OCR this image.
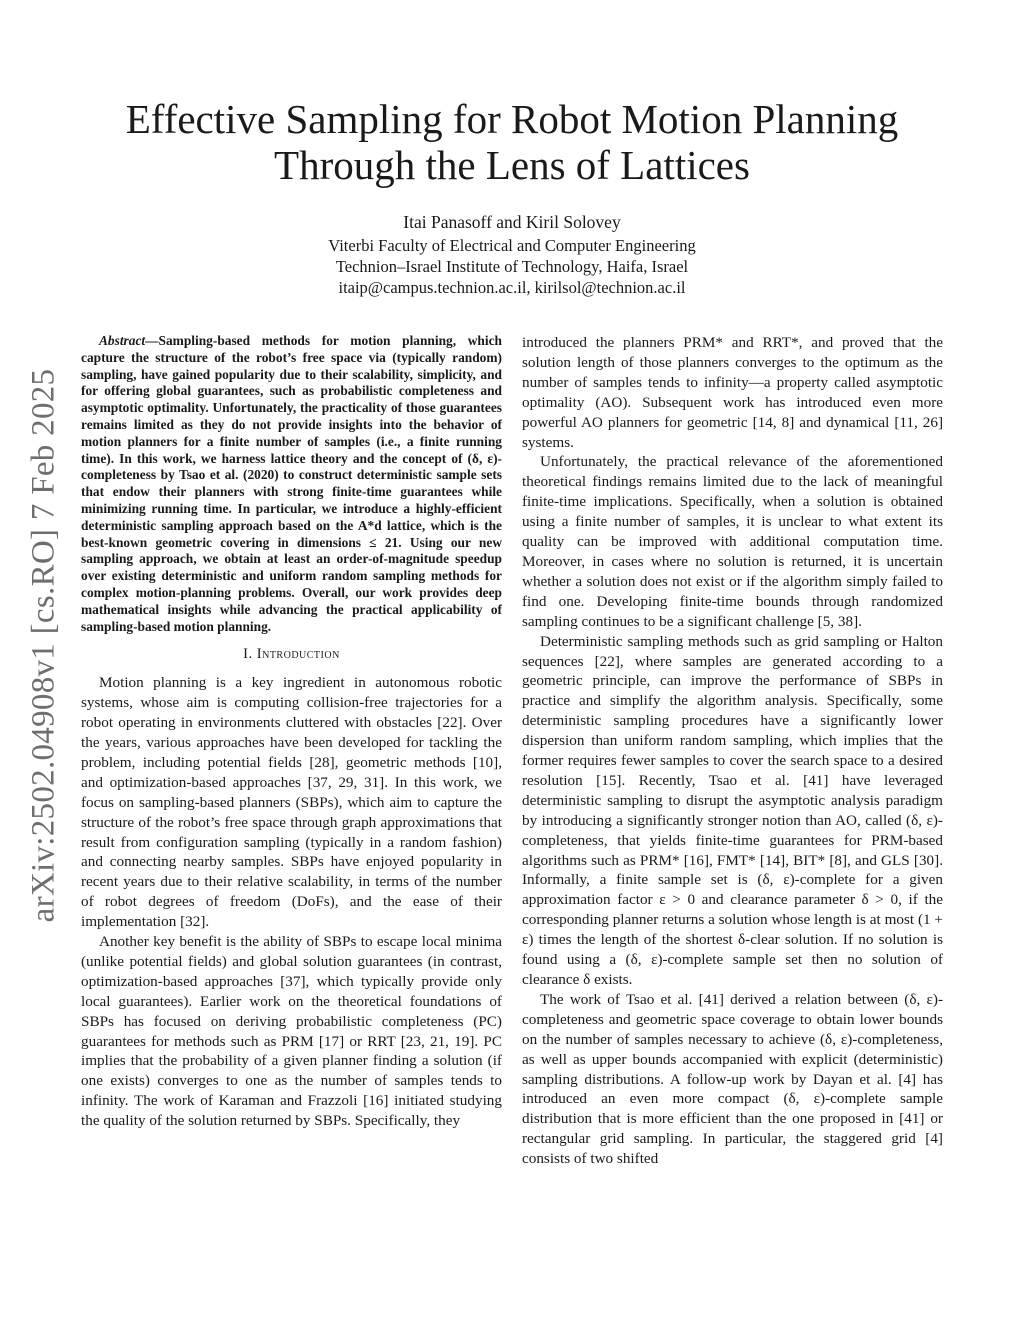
arXiv:2502.04908v1 [cs.RO] 7 Feb 2025
Effective Sampling for Robot Motion Planning
Through the Lens of Lattices
Itai Panasoff and Kiril Solovey
Viterbi Faculty of Electrical and Computer Engineering
Technion–Israel Institute of Technology, Haifa, Israel
itaip@campus.technion.ac.il, kirilsol@technion.ac.il

Abstract—Sampling-based methods for motion planning, which capture the structure of the robot’s free space via (typically random) sampling, have gained popularity due to their scalability, simplicity, and for offering global guarantees, such as probabilistic completeness and asymptotic optimality. Unfortunately, the practicality of those guarantees remains limited as they do not provide insights into the behavior of motion planners for a finite number of samples (i.e., a finite running time). In this work, we harness lattice theory and the concept of (δ, ε)-completeness by Tsao et al. (2020) to construct deterministic sample sets that endow their planners with strong finite-time guarantees while minimizing running time. In particular, we introduce a highly-efficient deterministic sampling approach based on the A*d lattice, which is the best-known geometric covering in dimensions ≤ 21. Using our new sampling approach, we obtain at least an order-of-magnitude speedup over existing deterministic and uniform random sampling methods for complex motion-planning problems. Overall, our work provides deep mathematical insights while advancing the practical applicability of sampling-based motion planning.

I. Introduction

Motion planning is a key ingredient in autonomous robotic systems, whose aim is computing collision-free trajectories for a robot operating in environments cluttered with obstacles [22]. Over the years, various approaches have been developed for tackling the problem, including potential fields [28], geometric methods [10], and optimization-based approaches [37, 29, 31]. In this work, we focus on sampling-based planners (SBPs), which aim to capture the structure of the robot’s free space through graph approximations that result from configuration sampling (typically in a random fashion) and connecting nearby samples. SBPs have enjoyed popularity in recent years due to their relative scalability, in terms of the number of robot degrees of freedom (DoFs), and the ease of their implementation [32].

Another key benefit is the ability of SBPs to escape local minima (unlike potential fields) and global solution guarantees (in contrast, optimization-based approaches [37], which typically provide only local guarantees). Earlier work on the theoretical foundations of SBPs has focused on deriving probabilistic completeness (PC) guarantees for methods such as PRM [17] or RRT [23, 21, 19]. PC implies that the probability of a given planner finding a solution (if one exists) converges to one as the number of samples tends to infinity. The work of Karaman and Frazzoli [16] initiated studying the quality of the solution returned by SBPs. Specifically, they

introduced the planners PRM* and RRT*, and proved that the solution length of those planners converges to the optimum as the number of samples tends to infinity—a property called asymptotic optimality (AO). Subsequent work has introduced even more powerful AO planners for geometric [14, 8] and dynamical [11, 26] systems.

Unfortunately, the practical relevance of the aforementioned theoretical findings remains limited due to the lack of meaningful finite-time implications. Specifically, when a solution is obtained using a finite number of samples, it is unclear to what extent its quality can be improved with additional computation time. Moreover, in cases where no solution is returned, it is uncertain whether a solution does not exist or if the algorithm simply failed to find one. Developing finite-time bounds through randomized sampling continues to be a significant challenge [5, 38].

Deterministic sampling methods such as grid sampling or Halton sequences [22], where samples are generated according to a geometric principle, can improve the performance of SBPs in practice and simplify the algorithm analysis. Specifically, some deterministic sampling procedures have a significantly lower dispersion than uniform random sampling, which implies that the former requires fewer samples to cover the search space to a desired resolution [15]. Recently, Tsao et al. [41] have leveraged deterministic sampling to disrupt the asymptotic analysis paradigm by introducing a significantly stronger notion than AO, called (δ, ε)-completeness, that yields finite-time guarantees for PRM-based algorithms such as PRM* [16], FMT* [14], BIT* [8], and GLS [30]. Informally, a finite sample set is (δ, ε)-complete for a given approximation factor ε > 0 and clearance parameter δ > 0, if the corresponding planner returns a solution whose length is at most (1 + ε) times the length of the shortest δ-clear solution. If no solution is found using a (δ, ε)-complete sample set then no solution of clearance δ exists.

The work of Tsao et al. [41] derived a relation between (δ, ε)-completeness and geometric space coverage to obtain lower bounds on the number of samples necessary to achieve (δ, ε)-completeness, as well as upper bounds accompanied with explicit (deterministic) sampling distributions. A follow-up work by Dayan et al. [4] has introduced an even more compact (δ, ε)-complete sample distribution that is more efficient than the one proposed in [41] or rectangular grid sampling. In particular, the staggered grid [4] consists of two shifted
